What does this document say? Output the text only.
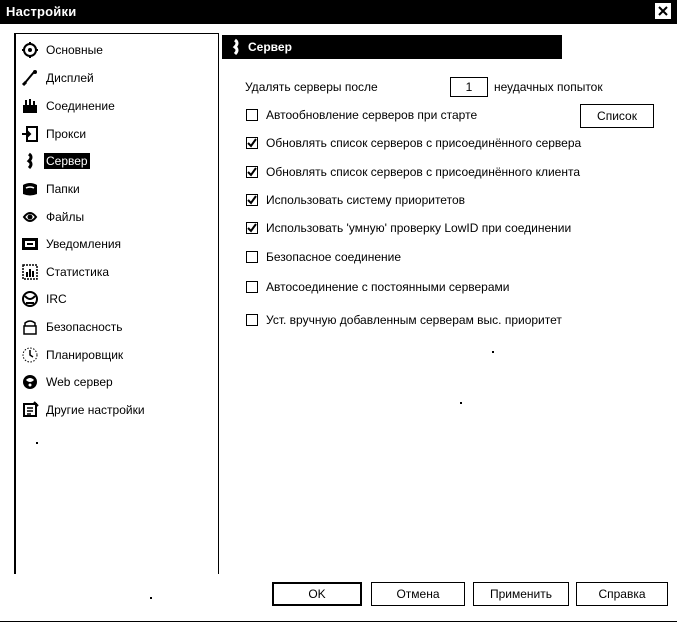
Настройки
Основные
Дисплей
Соединение
Прокси
Сервер
Папки
Файлы
Уведомления
Статистика
IRC
Безопасность
Планировщик
Web сервер
Другие настройки
Сервер
Удалять серверы после
1	неудачных попыток
Автообновление серверов при старте	Список
Обновлять список серверов с присоединённого сервера
Обновлять список серверов с присоединённого клиента
Использовать систему приоритетов
Использовать 'умную' проверку LowID при соединении
Безопасное соединение
Автосоединение с постоянными серверами
Уст. вручную добавленным серверам выс. приоритет
OK	Отмена	Применить	Справка
